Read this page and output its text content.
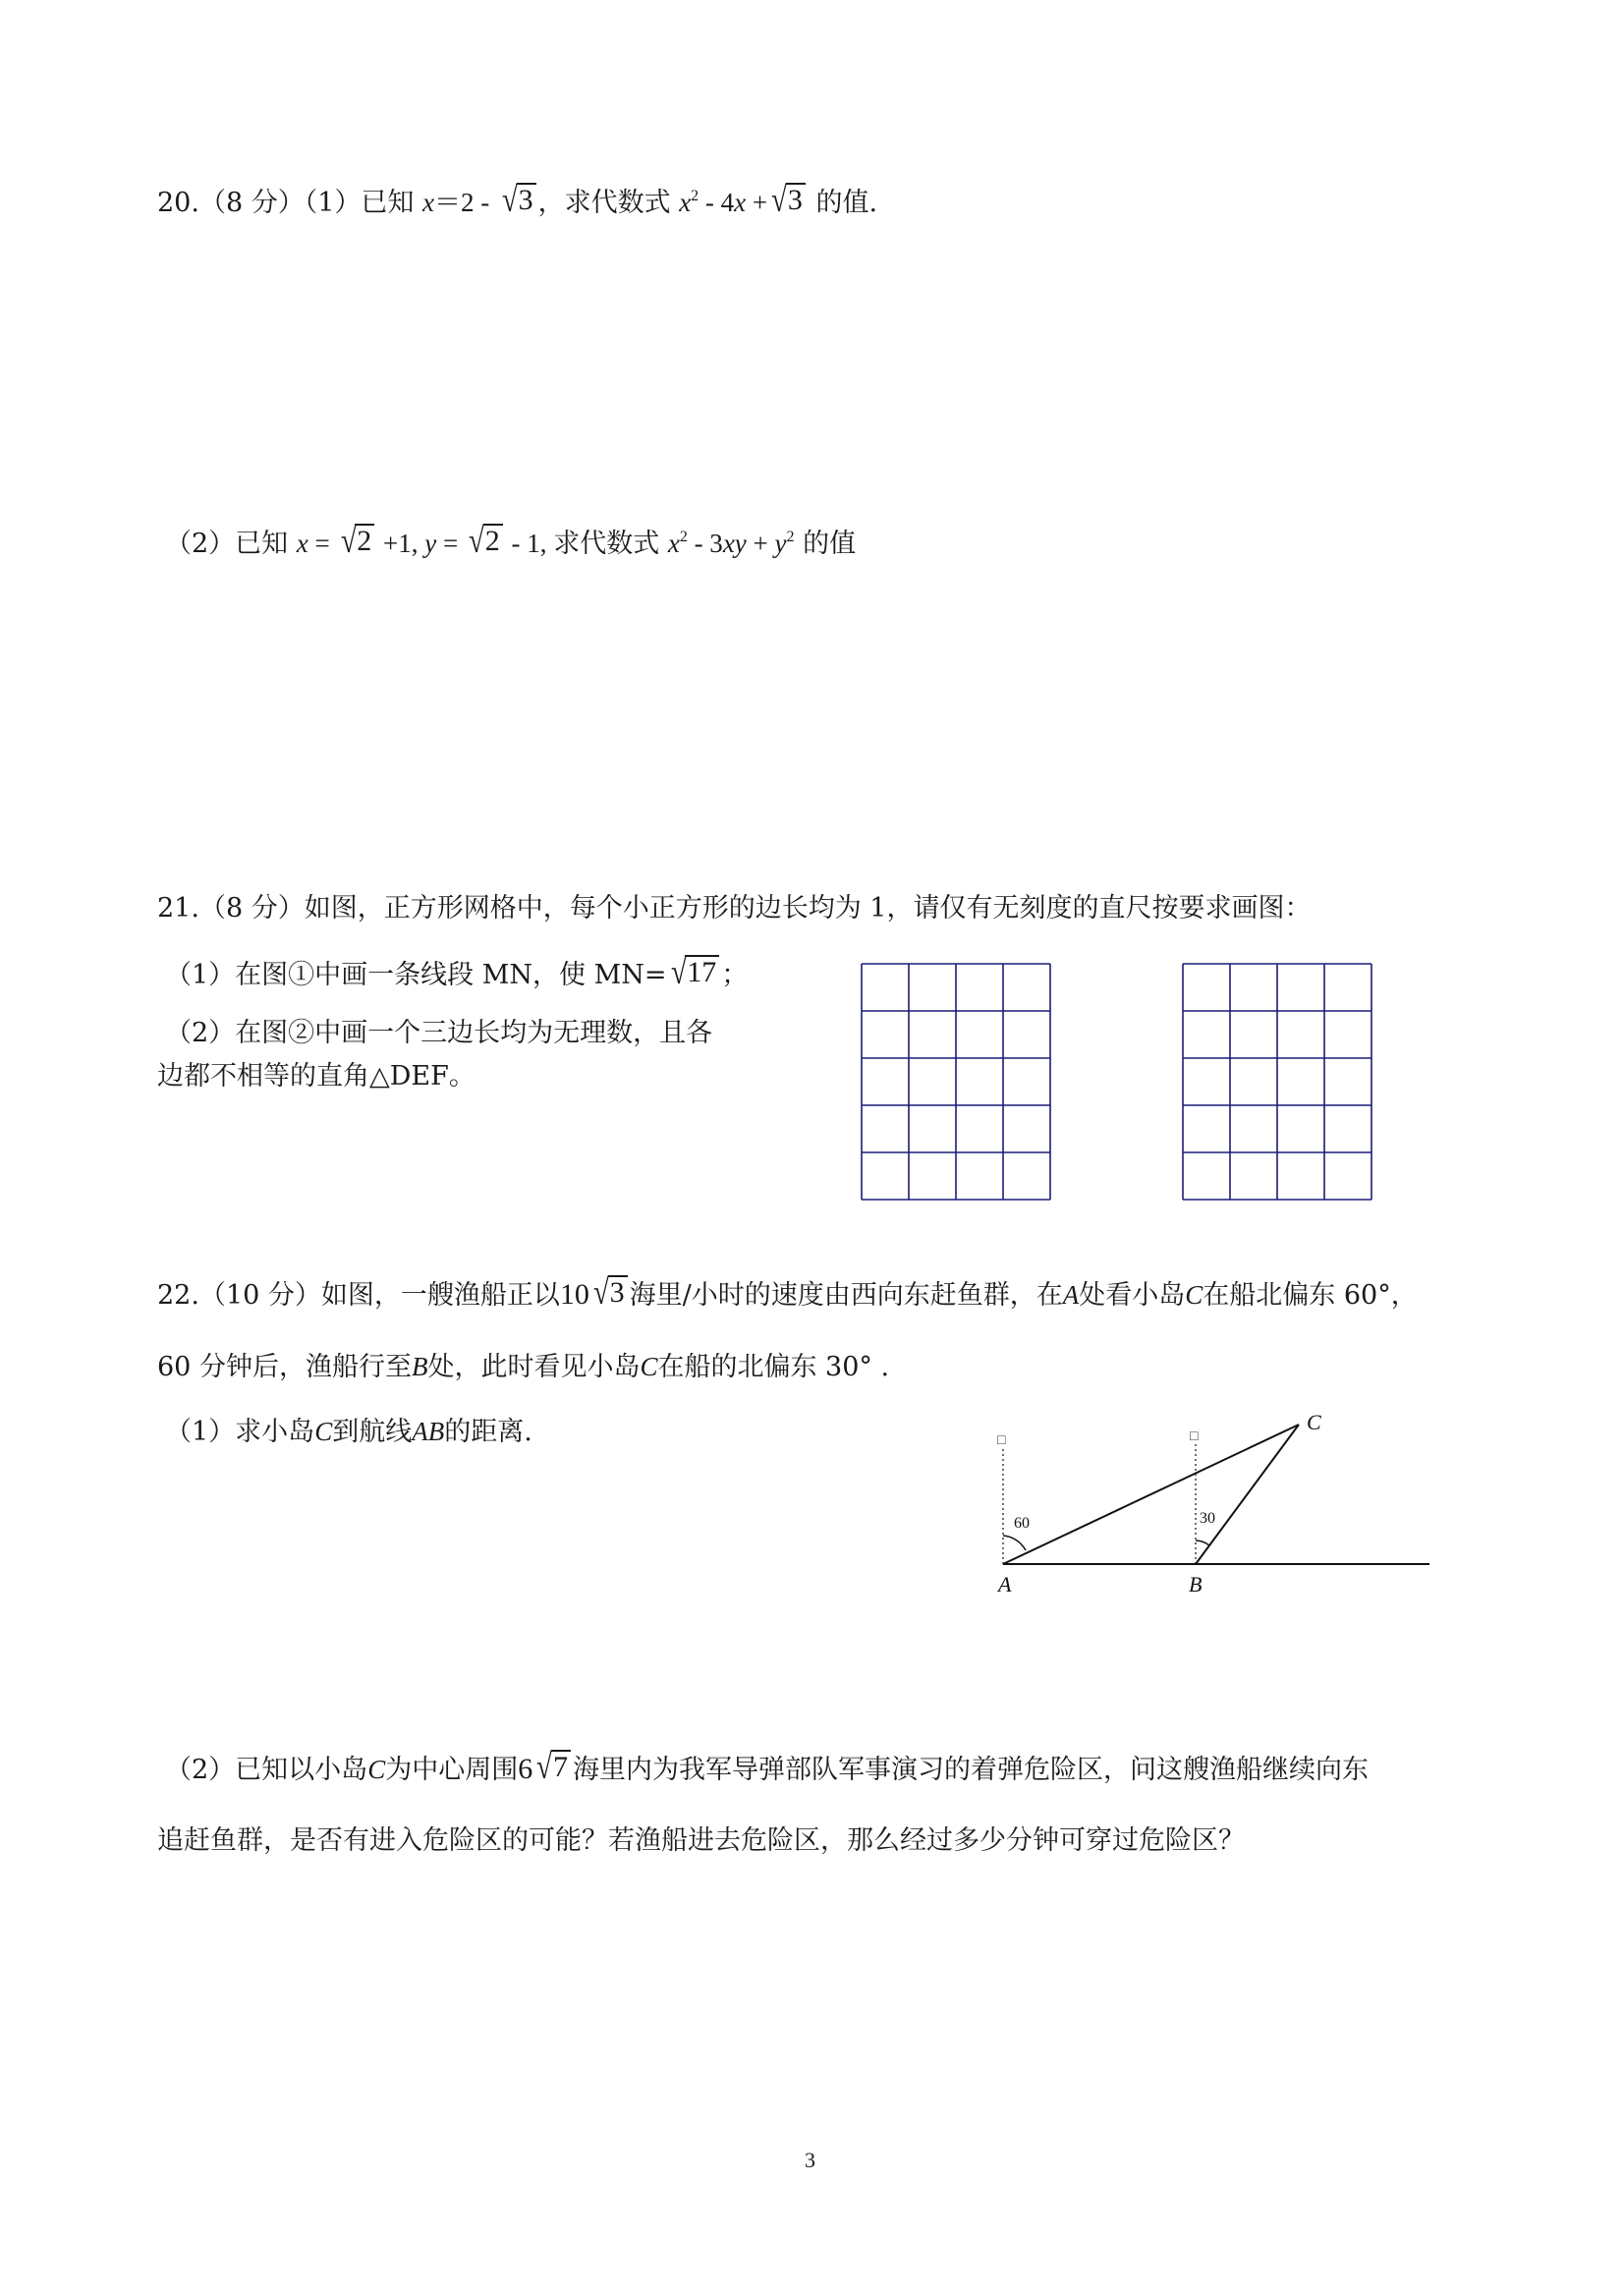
20.（8 分）（1）已知 x＝2 - √ 3 ，求代数式 $x^2 - 4x$ + √ 3 的值.
（2）已知 x = √ 2 +1, y = √ 2 - 1, 求代数式 $x^2 - 3xy + y^2$ 的值
21.（8 分）如图，正方形网格中，每个小正方形的边长均为 1，请仅有无刻度的直尺按要求画图：
（1）在图①中画一条线段 MN，使 MN= √ 17 ；
（2）在图②中画一个三边长均为无理数，且各
边都不相等的直角△DEF。
22.（10 分）如图，一艘渔船正以10 √ 3 海里/小时的速度由西向东赶鱼群，在A处看小岛C在船北偏东 60°，
60 分钟后，渔船行至B处，此时看见小岛C在船的北偏东 30° .
（1）求小岛C到航线AB的距离.	□	□
60	30
A	B
C
（2）已知以小岛C为中心周围6 √ 7 海里内为我军导弹部队军事演习的着弹危险区，问这艘渔船继续向东
追赶鱼群，是否有进入危险区的可能？若渔船进去危险区，那么经过多少分钟可穿过危险区？
3
